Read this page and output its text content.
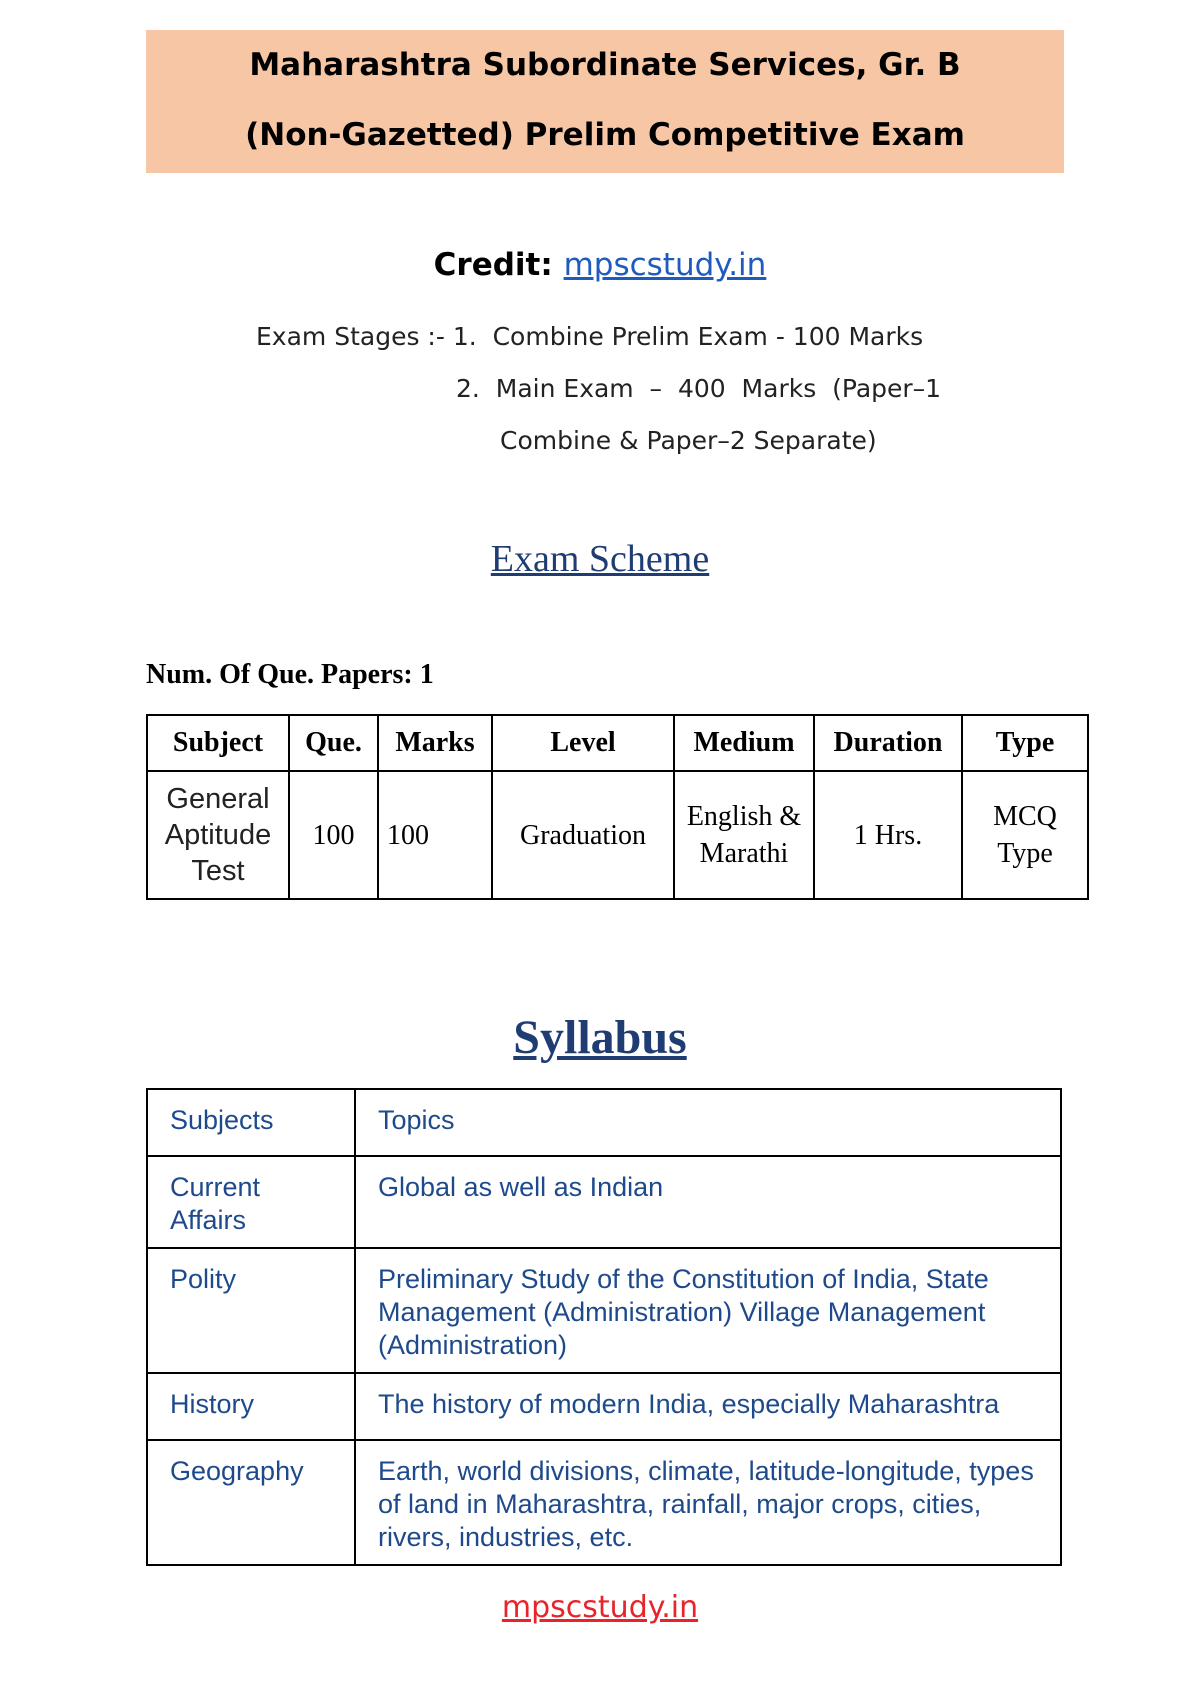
Maharashtra Subordinate Services, Gr. B
(Non-Gazetted) Prelim Competitive Exam
Credit: mpscstudy.in
Exam Stages :- 1. Combine Prelim Exam - 100 Marks
2. Main Exam  –  400  Marks  (Paper–1
Combine & Paper–2 Separate)
Exam Scheme
Num. Of Que. Papers: 1
Subject	Que.	Marks	Level	Medium	Duration	Type
General Aptitude Test	100	100	Graduation	English & Marathi	1 Hrs.	MCQ Type
Syllabus
Subjects	Topics
Current Affairs	Global as well as Indian
Polity	Preliminary Study of the Constitution of India, State Management (Administration) Village Management (Administration)
History	The history of modern India, especially Maharashtra
Geography	Earth, world divisions, climate, latitude-longitude, types of land in Maharashtra, rainfall, major crops, cities, rivers, industries, etc.
mpscstudy.in
